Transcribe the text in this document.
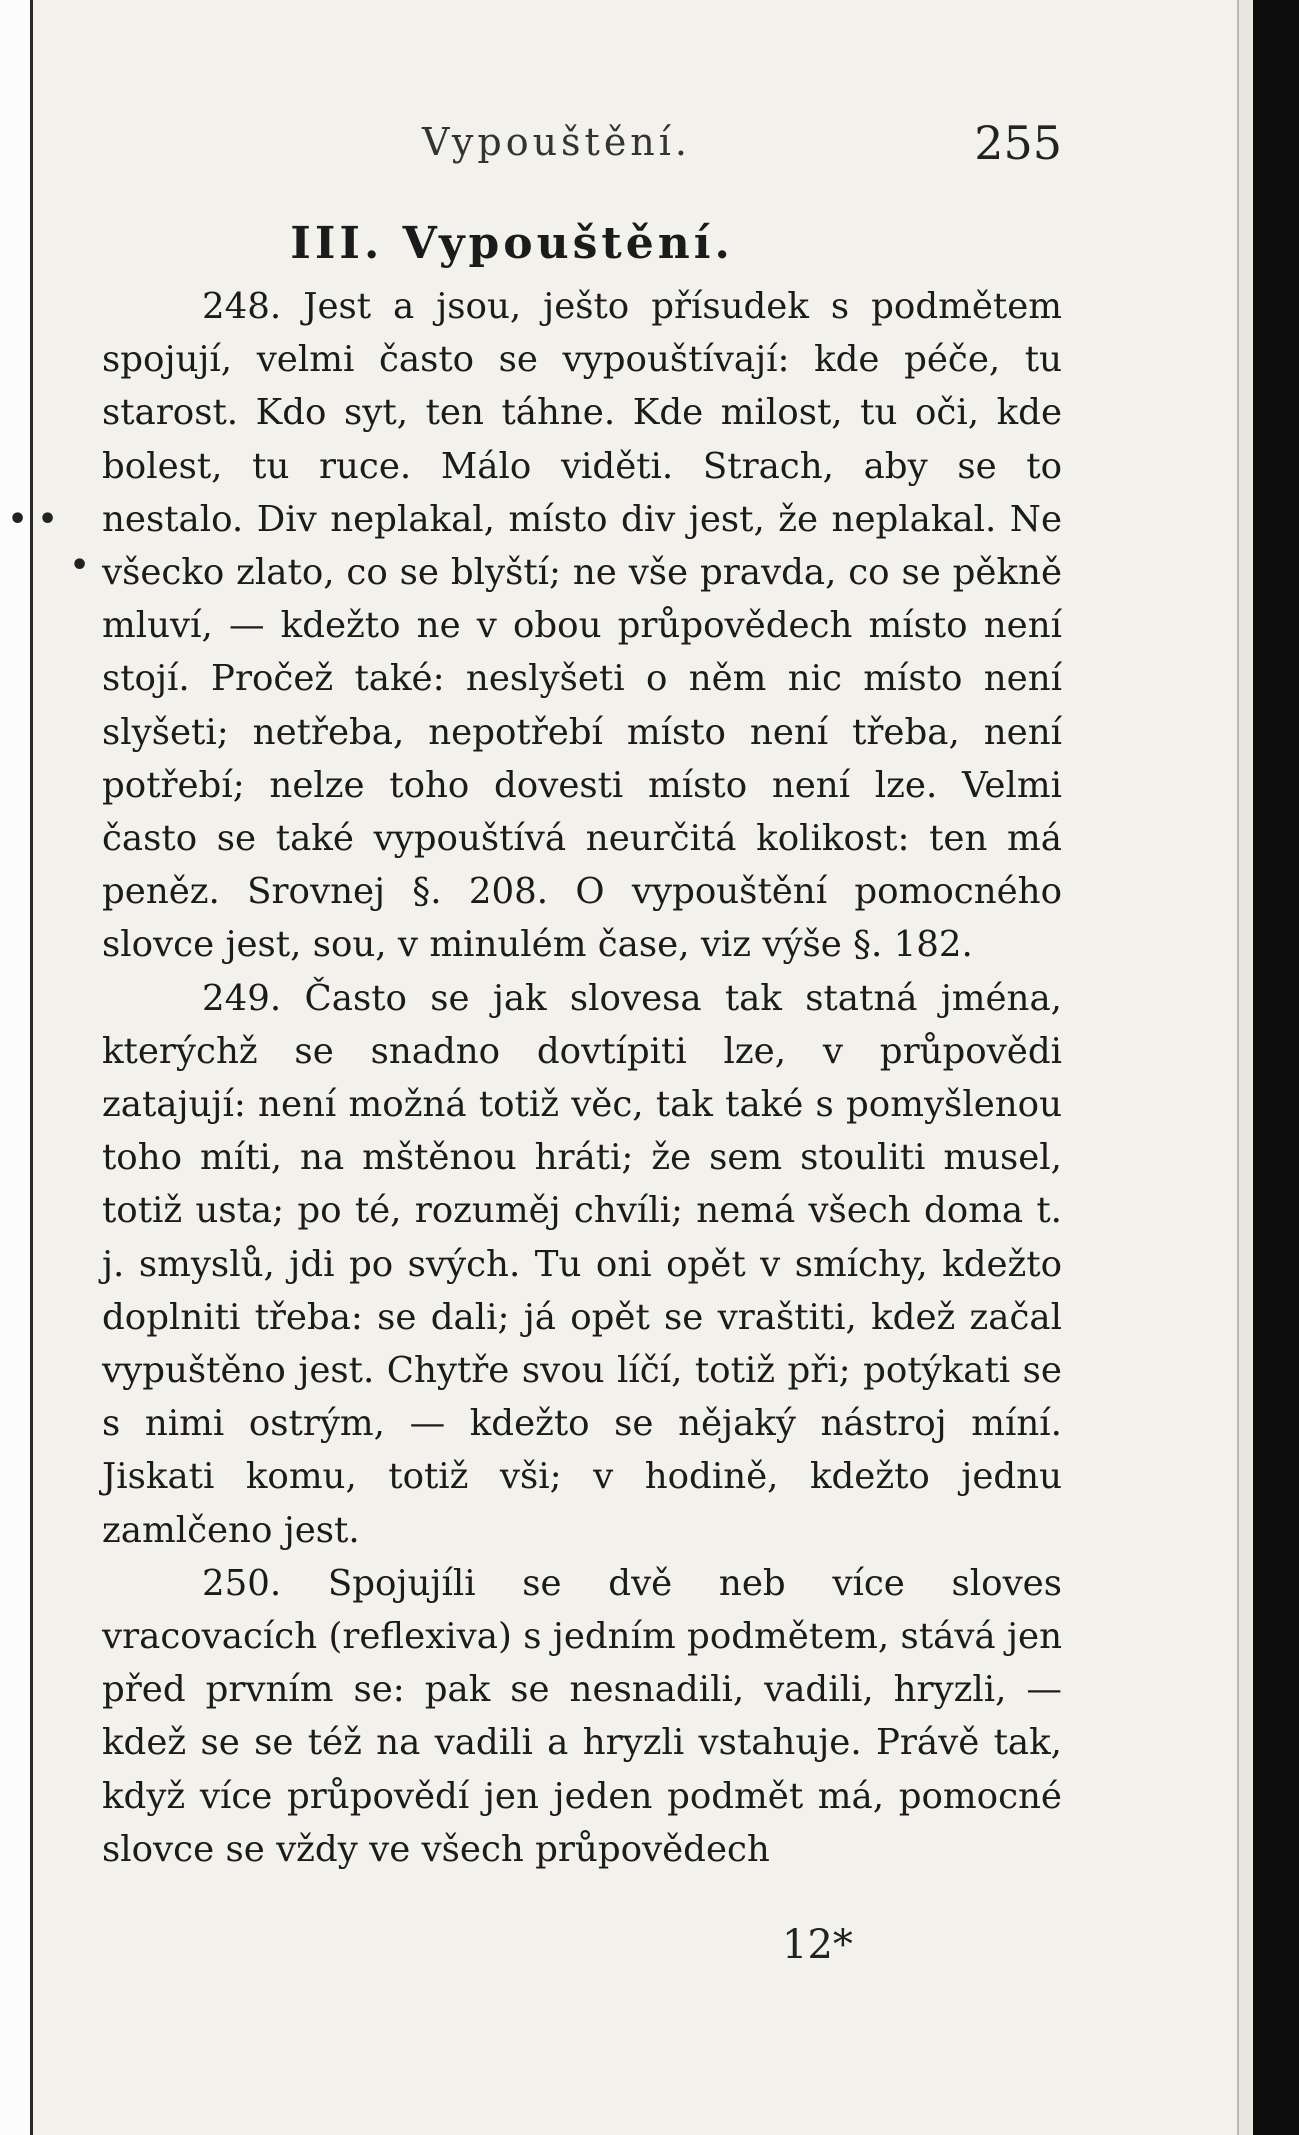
• •
•
Vypouštění.	255
III. Vypouštění.

248. Jest a jsou, ješto přísudek s podmětem spojují, velmi často se vypouštívají: kde péče, tu starost. Kdo syt, ten táhne. Kde milost, tu oči, kde bolest, tu ruce. Málo viděti. Strach, aby se to nestalo. Div neplakal, místo div jest, že neplakal. Ne všecko zlato, co se blyští; ne vše pravda, co se pěkně mluví, — kdežto ne v obou průpovědech místo není stojí. Pročež také: neslyšeti o něm nic místo není slyšeti; netřeba, nepotřebí místo není třeba, není potřebí; nelze toho dovesti místo není lze. Velmi často se také vypouštívá neurčitá kolikost: ten má peněz. Srovnej §. 208. O vypouštění pomocného slovce jest, sou, v minulém čase, viz výše §. 182.

249. Často se jak slovesa tak statná jména, kterýchž se snadno dovtípiti lze, v průpovědi zatajují: není možná totiž věc, tak také s pomyšlenou toho míti, na mštěnou hráti; že sem stouliti musel, totiž usta; po té, rozuměj chvíli; nemá všech doma t. j. smyslů, jdi po svých. Tu oni opět v smíchy, kdežto doplniti třeba: se dali; já opět se vraštiti, kdež začal vypuštěno jest. Chytře svou líčí, totiž při; potýkati se s nimi ostrým, — kdežto se nějaký nástroj míní. Jiskati komu, totiž vši; v hodině, kdežto jednu zamlčeno jest.

250. Spojujíli se dvě neb více sloves vracovacích (reflexiva) s jedním podmětem, stává jen před prvním se: pak se nesnadili, vadili, hryzli, — kdež se se též na vadili a hryzli vstahuje. Právě tak, když více průpovědí jen jeden podmět má, pomocné slovce se vždy ve všech průpovědech

12*
